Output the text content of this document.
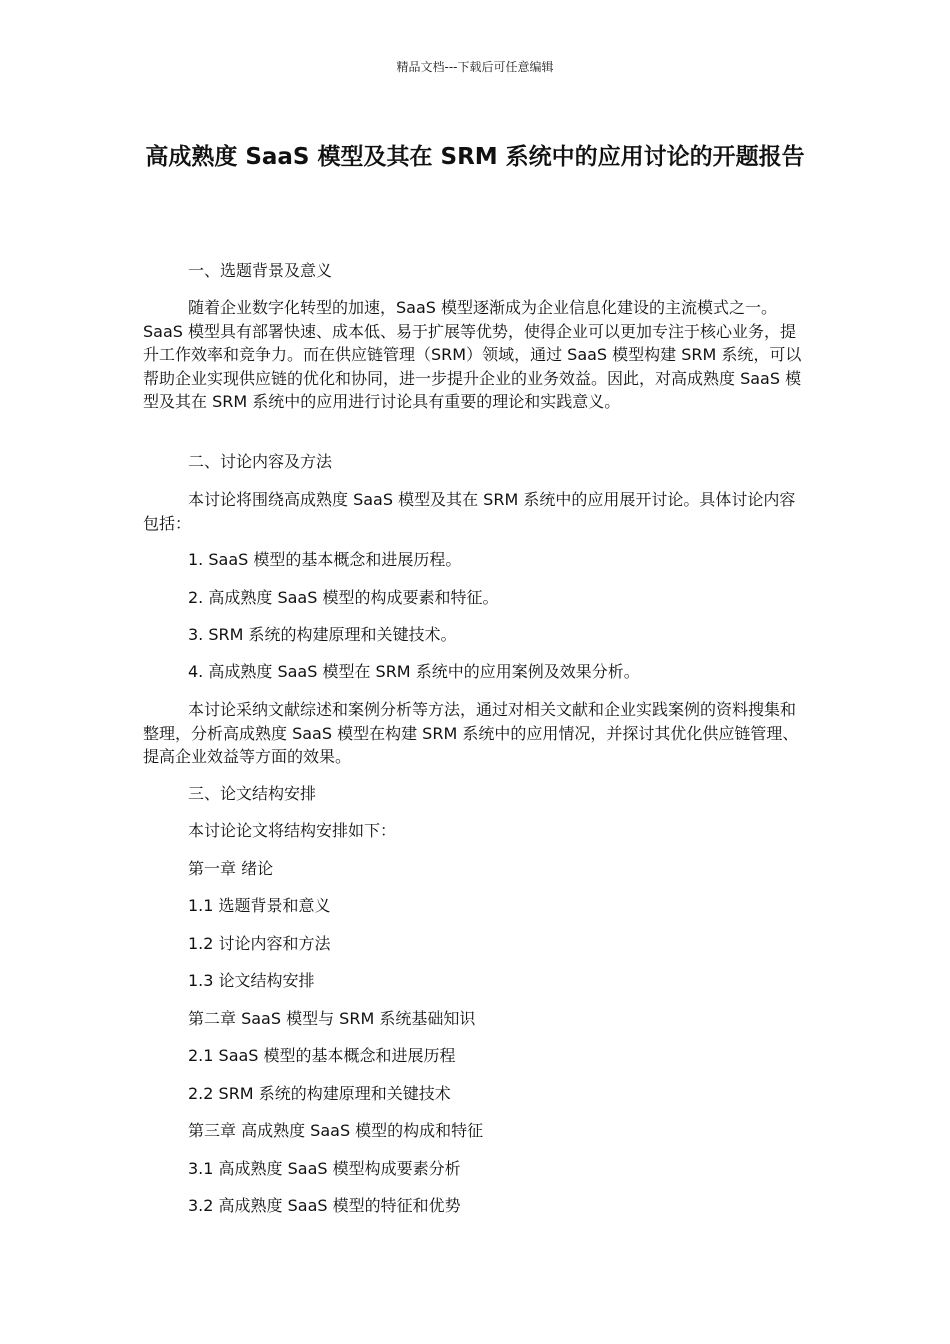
精品文档---下载后可任意编辑
高成熟度 SaaS 模型及其在 SRM 系统中的应用讨论的开题报告

一、选题背景及意义

随着企业数字化转型的加速，SaaS 模型逐渐成为企业信息化建设的主流模式之一。SaaS 模型具有部署快速、成本低、易于扩展等优势，使得企业可以更加专注于核心业务，提升工作效率和竞争力。而在供应链管理（SRM）领域，通过 SaaS 模型构建 SRM 系统，可以帮助企业实现供应链的优化和协同，进一步提升企业的业务效益。因此，对高成熟度 SaaS 模型及其在 SRM 系统中的应用进行讨论具有重要的理论和实践意义。

二、讨论内容及方法

本讨论将围绕高成熟度 SaaS 模型及其在 SRM 系统中的应用展开讨论。具体讨论内容包括：

1. SaaS 模型的基本概念和进展历程。

2. 高成熟度 SaaS 模型的构成要素和特征。

3. SRM 系统的构建原理和关键技术。

4. 高成熟度 SaaS 模型在 SRM 系统中的应用案例及效果分析。

本讨论采纳文献综述和案例分析等方法，通过对相关文献和企业实践案例的资料搜集和整理，分析高成熟度 SaaS 模型在构建 SRM 系统中的应用情况，并探讨其优化供应链管理、提高企业效益等方面的效果。

三、论文结构安排

本讨论论文将结构安排如下：

第一章 绪论

1.1 选题背景和意义

1.2 讨论内容和方法

1.3 论文结构安排

第二章 SaaS 模型与 SRM 系统基础知识

2.1 SaaS 模型的基本概念和进展历程

2.2 SRM 系统的构建原理和关键技术

第三章 高成熟度 SaaS 模型的构成和特征

3.1 高成熟度 SaaS 模型构成要素分析

3.2 高成熟度 SaaS 模型的特征和优势
